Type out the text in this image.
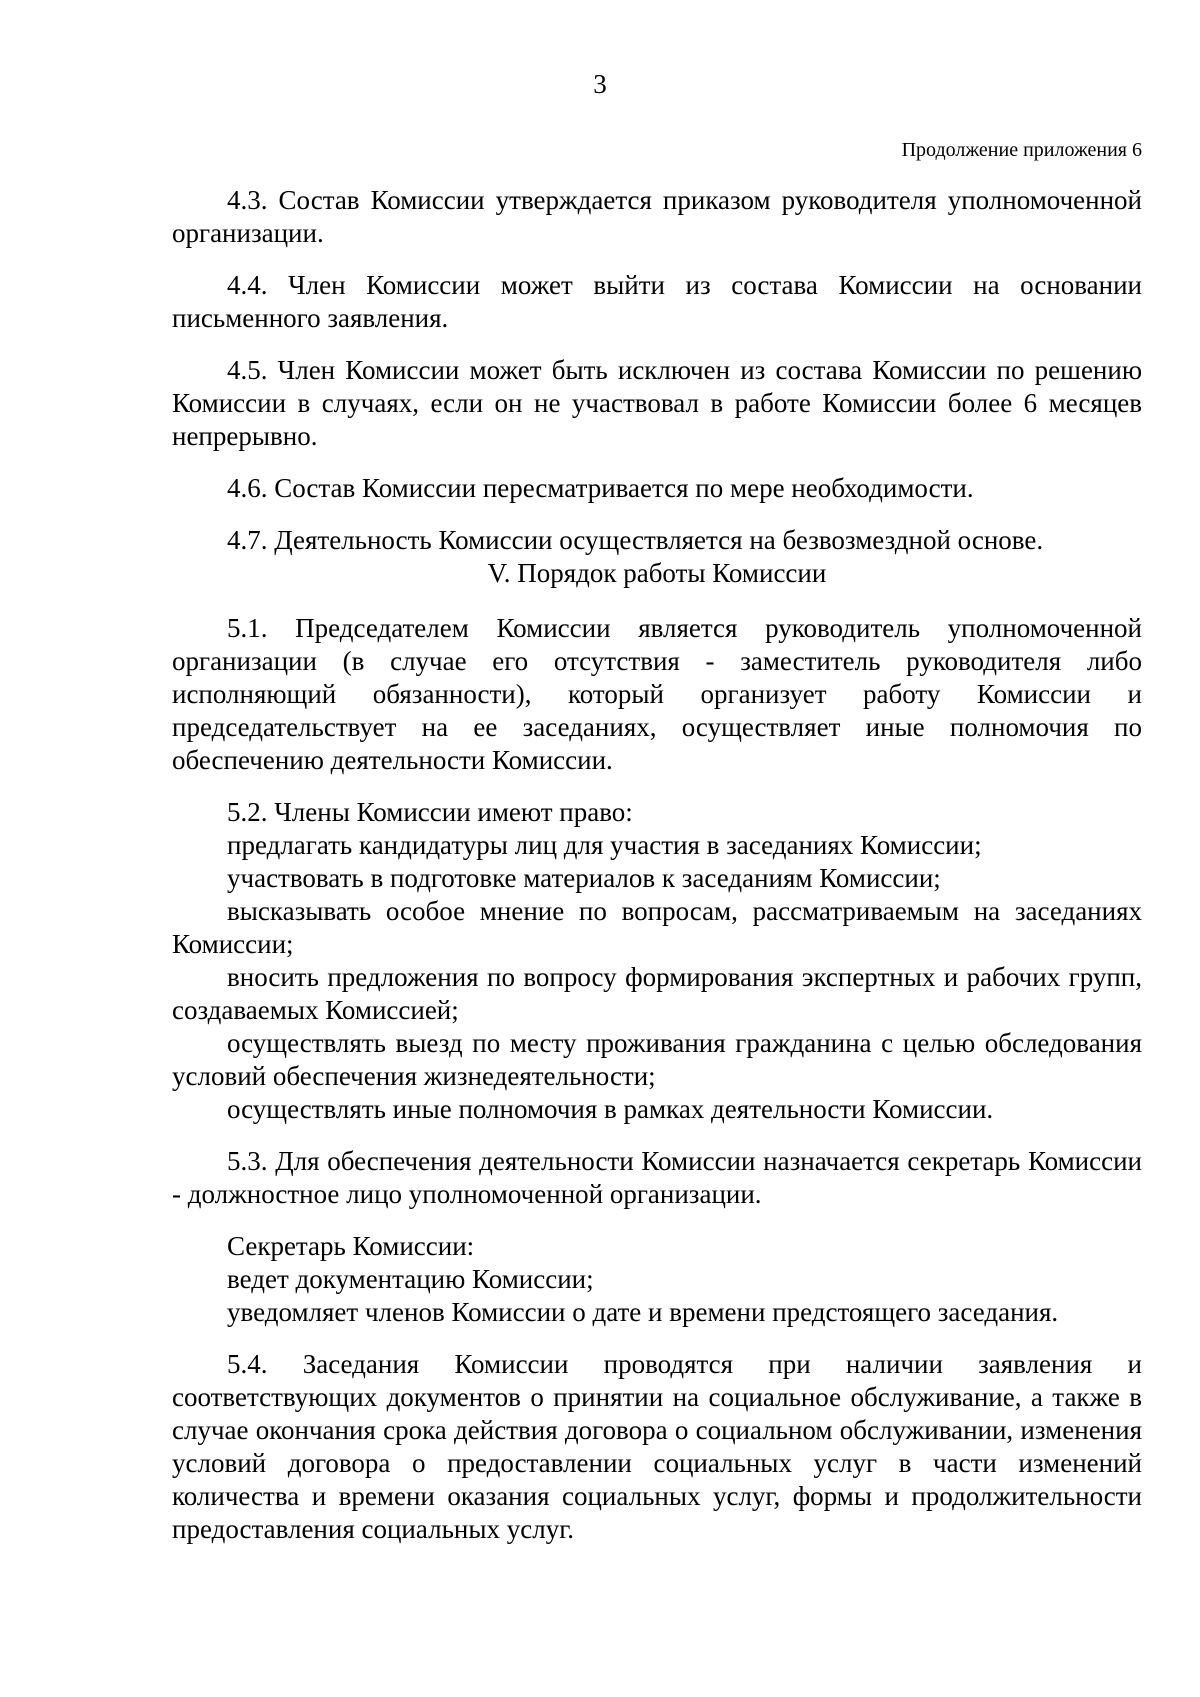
3
Продолжение приложения 6

4.3. Состав Комиссии утверждается приказом руководителя уполномоченной организации.

4.4. Член Комиссии может выйти из состава Комиссии на основании письменного заявления.

4.5. Член Комиссии может быть исключен из состава Комиссии по решению Комиссии в случаях, если он не участвовал в работе Комиссии более 6 месяцев непрерывно.

4.6. Состав Комиссии пересматривается по мере необходимости.

4.7. Деятельность Комиссии осуществляется на безвозмездной основе.

V. Порядок работы Комиссии

5.1. Председателем Комиссии является руководитель уполномоченной организации (в случае его отсутствия - заместитель руководителя либо исполняющий обязанности), который организует работу Комиссии и председательствует на ее заседаниях, осуществляет иные полномочия по обеспечению деятельности Комиссии.

5.2. Члены Комиссии имеют право:

предлагать кандидатуры лиц для участия в заседаниях Комиссии;

участвовать в подготовке материалов к заседаниям Комиссии;

высказывать особое мнение по вопросам, рассматриваемым на заседаниях Комиссии;

вносить предложения по вопросу формирования экспертных и рабочих групп, создаваемых Комиссией;

осуществлять выезд по месту проживания гражданина с целью обследования условий обеспечения жизнедеятельности;

осуществлять иные полномочия в рамках деятельности Комиссии.

5.3. Для обеспечения деятельности Комиссии назначается секретарь Комиссии - должностное лицо уполномоченной организации.

Секретарь Комиссии:

ведет документацию Комиссии;

уведомляет членов Комиссии о дате и времени предстоящего заседания.

5.4. Заседания Комиссии проводятся при наличии заявления и соответствующих документов о принятии на социальное обслуживание, а также в случае окончания срока действия договора о социальном обслуживании, изменения условий договора о предоставлении социальных услуг в части изменений количества и времени оказания социальных услуг, формы и продолжительности предоставления социальных услуг.
